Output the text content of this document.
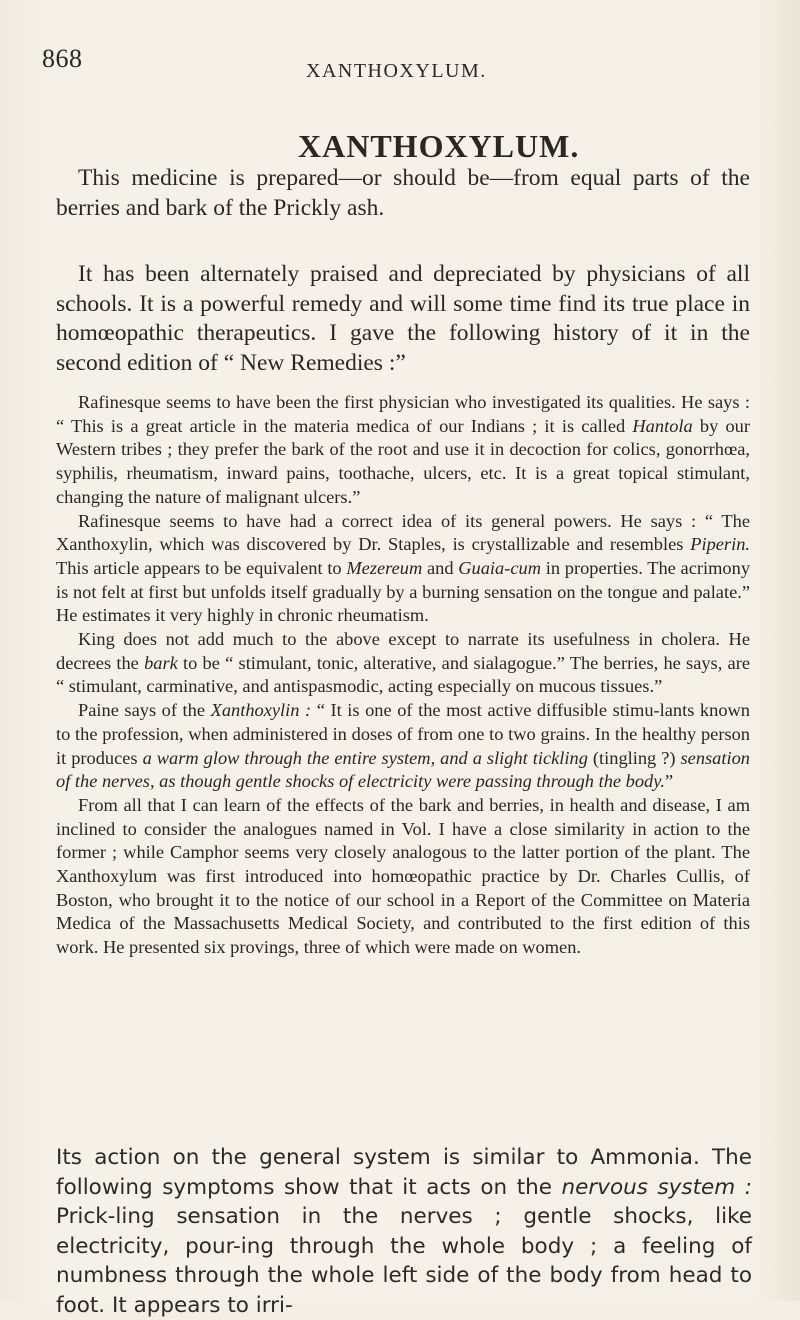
868	XANTHOXYLUM.
XANTHOXYLUM.

This medicine is prepared—or should be—from equal parts of the berries and bark of the Prickly ash.

It has been alternately praised and depreciated by physicians of all schools. It is a powerful remedy and will some time find its true place in homœopathic therapeutics. I gave the following history of it in the second edition of “ New Remedies :”

Rafinesque seems to have been the first physician who investigated its qualities. He says : “ This is a great article in the materia medica of our Indians ; it is called Hantola by our Western tribes ; they prefer the bark of the root and use it in decoction for colics, gonorrhœa, syphilis, rheumatism, inward pains, toothache, ulcers, etc. It is a great topical stimulant, changing the nature of malignant ulcers.”

Rafinesque seems to have had a correct idea of its general powers. He says : “ The Xanthoxylin, which was discovered by Dr. Staples, is crystallizable and resembles Piperin. This article appears to be equivalent to Mezereum and Guaia-cum in properties. The acrimony is not felt at first but unfolds itself gradually by a burning sensation on the tongue and palate.” He estimates it very highly in chronic rheumatism.

King does not add much to the above except to narrate its usefulness in cholera. He decrees the bark to be “ stimulant, tonic, alterative, and sialagogue.” The berries, he says, are “ stimulant, carminative, and antispasmodic, acting especially on mucous tissues.”

Paine says of the Xanthoxylin : “ It is one of the most active diffusible stimu-lants known to the profession, when administered in doses of from one to two grains. In the healthy person it produces a warm glow through the entire system, and a slight tickling (tingling ?) sensation of the nerves, as though gentle shocks of electricity were passing through the body.”

From all that I can learn of the effects of the bark and berries, in health and disease, I am inclined to consider the analogues named in Vol. I have a close similarity in action to the former ; while Camphor seems very closely analogous to the latter portion of the plant. The Xanthoxylum was first introduced into homœopathic practice by Dr. Charles Cullis, of Boston, who brought it to the notice of our school in a Report of the Committee on Materia Medica of the Massachusetts Medical Society, and contributed to the first edition of this work. He presented six provings, three of which were made on women.

Its action on the general system is similar to Ammonia. The following symptoms show that it acts on the nervous system : Prick-ling sensation in the nerves ; gentle shocks, like electricity, pour-ing through the whole body ; a feeling of numbness through the whole left side of the body from head to foot. It appears to irri-
